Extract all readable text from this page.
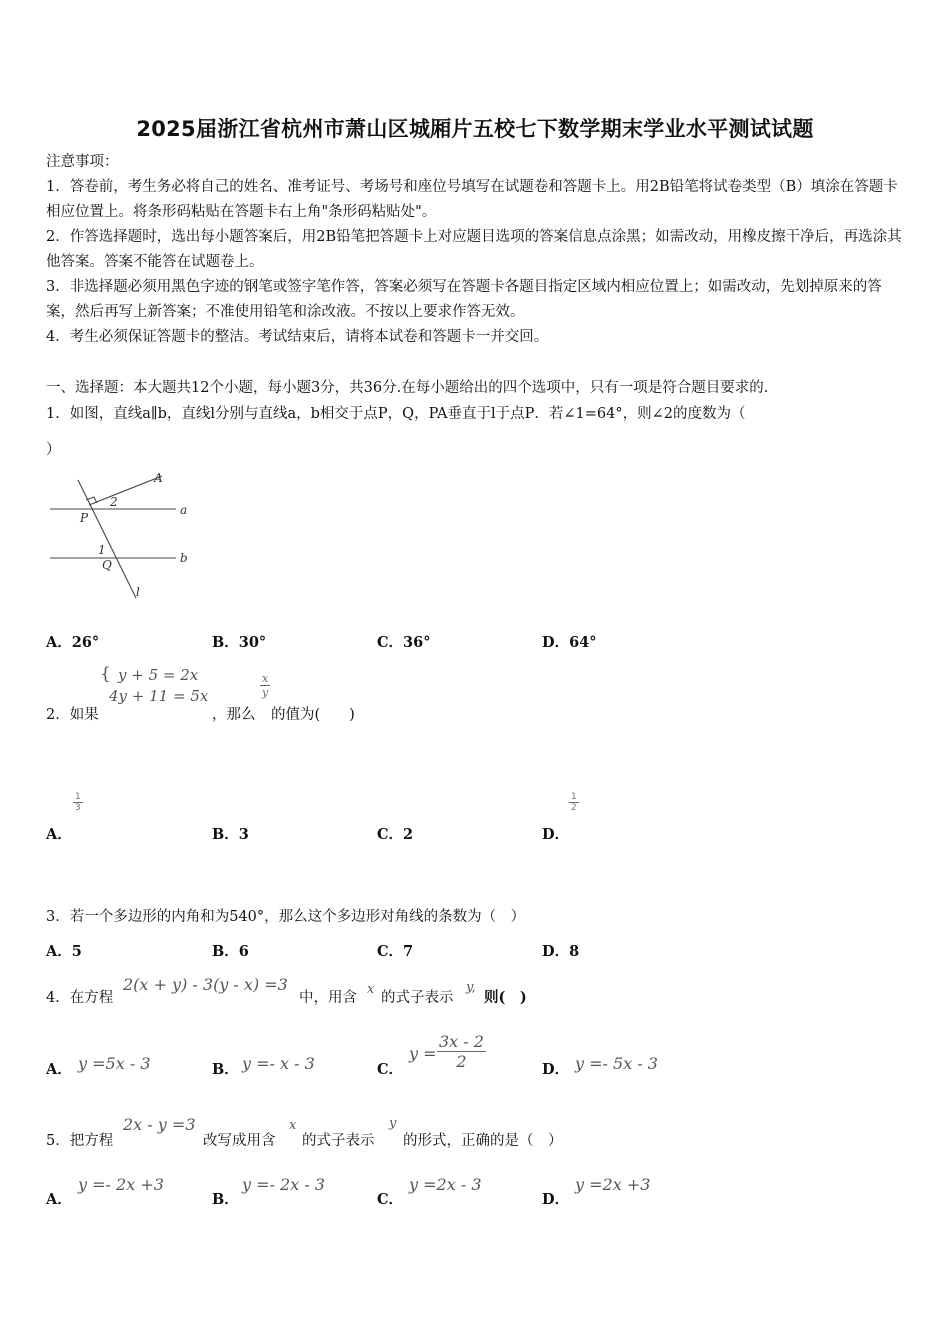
2025届浙江省杭州市萧山区城厢片五校七下数学期末学业水平测试试题
注意事项：
1．答卷前，考生务必将自己的姓名、准考证号、考场号和座位号填写在试题卷和答题卡上。用2B铅笔将试卷类型（B）填涂在答题卡相应位置上。将条形码粘贴在答题卡右上角"条形码粘贴处"。
2．作答选择题时，选出每小题答案后，用2B铅笔把答题卡上对应题目选项的答案信息点涂黑；如需改动，用橡皮擦干净后，再选涂其他答案。答案不能答在试题卷上。
3．非选择题必须用黑色字迹的钢笔或签字笔作答，答案必须写在答题卡各题目指定区域内相应位置上；如需改动，先划掉原来的答案，然后再写上新答案；不准使用铅笔和涂改液。不按以上要求作答无效。
4．考生必须保证答题卡的整洁。考试结束后，请将本试卷和答题卡一并交回。
一、选择题：本大题共12个小题，每小题3分，共36分.在每小题给出的四个选项中，只有一项是符合题目要求的.
1．如图，直线a∥b，直线l分别与直线a，b相交于点P，Q，PA垂直于l于点P．若∠1=64°，则∠2的度数为（
）
A
2
P
a
1
Q	b
l
A．26°	B．30°	C．36°	D．64°
{ y + 5 = 2x
4y + 11 = 5x	$\frac{x}{y}$
2．如果	，那么 的值为(　　)
$\frac{1}{3}$
A．	B．3	C．2
$\frac{1}{2}$
D．
3．若一个多边形的内角和为540°，那么这个多边形对角线的条数为（　）
A．5	B．6	C．7	D．8
4．在方程
2(x + y) - 3(y - x) =3
中，用含
x
的式子表示
y,
则(　)
A． y =5x - 3	B． y =- x - 3	C．
$y = \frac{3x - 2}{2}$	D． y =- 5x - 3
5．把方程
2x - y =3
改写成用含
x
的式子表示
y
的形式，正确的是（　）
A．
y =- 2x +3
B．
y =- 2x - 3
C．
y =2x - 3
D．
y =2x +3
